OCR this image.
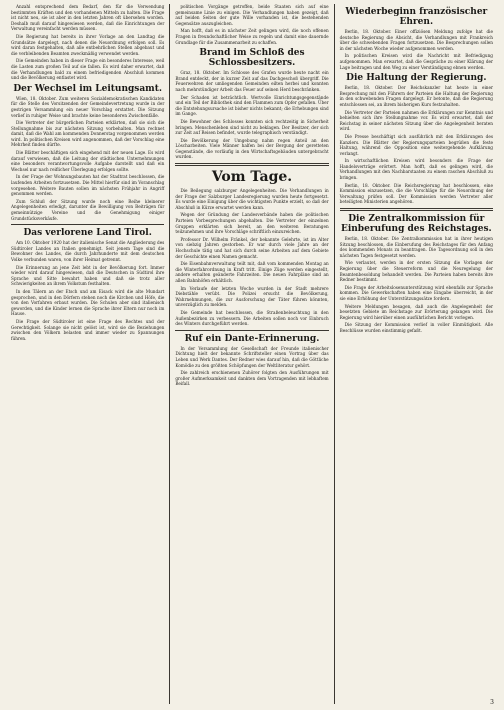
Anzahl entsprechend dem Bedarf, den für die Verwendung bestimmten Kräften und den vorhandenen Mitteln zu halten. Die Frage ist nicht neu, sie ist aber in den letzten Jahren oft übersehen worden. Deshalb muß darauf hingewiesen werden, daß die Einrichtungen der Verwaltung vereinfacht werden müssen.

Die Regierung hat bereits in ihrer Vorlage an den Landtag die Grundsätze dargelegt, nach denen die Neuordnung erfolgen soll. Es wird daran festgehalten, daß alle entbehrlichen Stellen abgebaut und die verbleibenden Beamten zweckmäßig verwendet werden.

Die Gemeinden haben in dieser Frage ein besonderes Interesse, weil die Lasten zum großen Teil auf sie fallen. Es wird daher erwartet, daß die Verhandlungen bald zu einem befriedigenden Abschluß kommen und die Bevölkerung entlastet wird.

Der Wechsel im Leitungsamt.

Wien, 18. Oktober. Zum weiteren Sozialdemokratischen Kandidaten für die Stelle des Vorsitzenden der Gemeindevertretung wurde in der gestrigen Versammlung ein neuer Vorschlag erstattet. Die Sitzung verlief in ruhiger Weise und brachte keine besonderen Zwischenfälle.

Die Vertreter der bürgerlichen Parteien erklärten, daß sie sich die Stellungnahme bis zur nächsten Sitzung vorbehalten. Man rechnet damit, daß die Wahl am kommenden Donnerstag vorgenommen werden wird. In politischen Kreisen wird angenommen, daß der Vorschlag eine Mehrheit finden dürfte.

Die Blätter beschäftigen sich eingehend mit der neuen Lage. Es wird darauf verwiesen, daß die Leitung der städtischen Unternehmungen eine besonders verantwortungsvolle Aufgabe darstellt und daß ein Wechsel nur nach reiflicher Überlegung erfolgen sollte.

In der Frage der Wohnungsbauten hat der Stadtrat beschlossen, die laufenden Arbeiten fortzusetzen. Die Mittel hierfür sind im Voranschlag vorgesehen. Weitere Bauten sollen im nächsten Frühjahr in Angriff genommen werden.

Zum Schluß der Sitzung wurde noch eine Reihe kleinerer Angelegenheiten erledigt, darunter die Bewilligung von Beiträgen für gemeinnützige Vereine und die Genehmigung einiger Grundstücksverkäufe.

Das verlorene Land Tirol.

Am 10. Oktober 1920 hat der italienische Senat die Angliederung des Südtiroler Landes an Italien genehmigt. Seit jenem Tage sind die Bewohner des Landes, die durch Jahrhunderte mit dem deutschen Volke verbunden waren, von ihrer Heimat getrennt.

Die Erinnerung an jene Zeit lebt in der Bevölkerung fort. Immer wieder wird darauf hingewiesen, daß die Deutschen in Südtirol ihre Sprache und Sitte bewahrt haben und daß sie trotz aller Schwierigkeiten an ihrem Volkstum festhalten.

In den Tälern an der Etsch und am Eisack wird die alte Mundart gesprochen, und in den Dörfern stehen noch die Kirchen und Höfe, die von den Vorfahren erbaut wurden. Die Schulen aber sind italienisch geworden, und die Kinder lernen die Sprache ihrer Eltern nur noch im Hause.

Die Frage der Südtiroler ist eine Frage des Rechtes und der Gerechtigkeit. Solange sie nicht gelöst ist, wird sie die Beziehungen zwischen den Völkern belasten und immer wieder zu Spannungen führen.

politischen Vorgänge getroffen, beide Staaten sich auf eine gemeinsame Linie zu einigen. Die Verhandlungen haben gezeigt, daß auf beiden Seiten der gute Wille vorhanden ist, die bestehenden Gegensätze auszugleichen.

Man hofft, daß es in nächster Zeit gelingen wird, die noch offenen Fragen in freundschaftlicher Weise zu regeln und damit eine dauernde Grundlage für die Zusammenarbeit zu schaffen.

Brand im Schloß des Schlossbesitzers.

Graz, 18. Oktober. Im Schlosse des Grafen wurde heute nacht ein Brand entdeckt, der in kurzer Zeit auf das Dachgeschoß übergriff. Die Feuerwehren der umliegenden Gemeinden eilten herbei und konnten nach mehrstündiger Arbeit das Feuer auf seinen Herd beschränken.

Der Schaden ist beträchtlich. Wertvolle Einrichtungsgegenstände und ein Teil der Bibliothek sind den Flammen zum Opfer gefallen. Über die Entstehungsursache ist bisher nichts bekannt; die Erhebungen sind im Gange.

Die Bewohner des Schlosses konnten sich rechtzeitig in Sicherheit bringen. Menschenleben sind nicht zu beklagen. Der Besitzer, der sich zur Zeit auf Reisen befindet, wurde telegraphisch verständigt.

Die Bevölkerung der Umgebung nahm regen Anteil an den Löscharbeiten. Viele Männer halfen bei der Bergung der geretteten Gegenstände, die vorläufig in den Wirtschaftsgebäuden untergebracht wurden.

Vom Tage.

Die Beilegung salzburger Angelegenheiten. Die Verhandlungen in der Frage der Salzburger Landesregierung wurden heute fortgesetzt. Es wurde eine Einigung über die wichtigsten Punkte erzielt, so daß der Abschluß in Kürze erwartet werden kann.

Wegen der Gründung der Landesverbände haben die politischen Parteien Vorbesprechungen abgehalten. Die Vertreter der einzelnen Gruppen erklärten sich bereit, an den weiteren Beratungen teilzunehmen und ihre Vorschläge schriftlich einzureichen.

Professor Dr. Wilhelm Fränkel, der bekannte Gelehrte, ist im Alter von siebzig Jahren gestorben. Er war durch viele Jahre an der Hochschule tätig und hat sich durch seine Arbeiten auf dem Gebiete der Geschichte einen Namen gemacht.

Die Eisenbahnverwaltung teilt mit, daß vom kommenden Montag an die Winterfahrordnung in Kraft tritt. Einige Züge werden eingestellt, andere erhalten geänderte Fahrzeiten. Die neuen Fahrpläne sind an allen Bahnhöfen erhältlich.

Im Verlaufe der letzten Woche wurden in der Stadt mehrere Diebstähle verübt. Die Polizei ersucht die Bevölkerung, Wahrnehmungen, die zur Ausforschung der Täter führen könnten, unverzüglich zu melden.

Die Gemeinde hat beschlossen, die Straßenbeleuchtung in den Außenbezirken zu verbessern. Die Arbeiten sollen noch vor Einbruch des Winters durchgeführt werden.

Ruf ein Dante-Erinnerung.

In der Versammlung der Gesellschaft der Freunde italienischer Dichtung hielt der bekannte Schriftsteller einen Vortrag über das Leben und Werk Dantes. Der Redner wies darauf hin, daß die Göttliche Komödie zu den größten Schöpfungen der Weltliteratur gehört.

Die zahlreich erschienenen Zuhörer folgten den Ausführungen mit großer Aufmerksamkeit und dankten dem Vortragenden mit lebhaftem Beifall.

Wiederbeginn französischer Ehren.

Berlin, 18. Oktober. Einer offiziösen Meldung zufolge hat die deutsche Regierung die Absicht, die Verhandlungen mit Frankreich über die schwebenden Fragen fortzusetzen. Die Besprechungen sollen in der nächsten Woche wieder aufgenommen werden.

In politischen Kreisen wird die Nachricht mit Befriedigung aufgenommen. Man erwartet, daß die Gespräche zu einer Klärung der Lage beitragen und den Weg zu einer Verständigung ebnen werden.

Die Haltung der Regierung.

Berlin, 18. Oktober. Der Reichskanzler hat heute in einer Besprechung mit den Führern der Parteien die Haltung der Regierung in den schwebenden Fragen dargelegt. Er betonte, daß die Regierung entschlossen sei, an ihrem bisherigen Kurs festzuhalten.

Die Vertreter der Parteien nahmen die Erklärungen zur Kenntnis und behielten sich ihre Stellungnahme vor. Es wird erwartet, daß der Reichstag in seiner nächsten Sitzung über die Angelegenheit beraten wird.

Die Presse beschäftigt sich ausführlich mit den Erklärungen des Kanzlers. Die Blätter der Regierungsparteien begrüßen die feste Haltung, während die Opposition eine weitergehende Aufklärung verlangt.

In wirtschaftlichen Kreisen wird besonders die Frage der Handelsverträge erörtert. Man hofft, daß es gelingen wird, die Verhandlungen mit den Nachbarstaaten zu einem raschen Abschluß zu bringen.

Berlin, 18. Oktober. Die Reichsregierung hat beschlossen, eine Kommission einzusetzen, die die Vorschläge für die Neuordnung der Verwaltung prüfen soll. Der Kommission werden Vertreter aller beteiligten Ministerien angehören.

Die Zentralkommission für Einberufung des Reichstages.

Berlin, 18. Oktober. Die Zentralkommission hat in ihrer heutigen Sitzung beschlossen, die Einberufung des Reichstages für den Anfang des kommenden Monats zu beantragen. Die Tagesordnung soll in den nächsten Tagen festgesetzt werden.

Wie verlautet, werden in der ersten Sitzung die Vorlagen der Regierung über die Steuerreform und die Neuregelung der Beamtenbesoldung behandelt werden. Die Parteien haben bereits ihre Redner bestimmt.

Die Frage der Arbeitslosenunterstützung wird ebenfalls zur Sprache kommen. Die Gewerkschaften haben eine Eingabe überreicht, in der sie eine Erhöhung der Unterstützungssätze fordern.

Weitere Meldungen besagen, daß auch die Angelegenheit der besetzten Gebiete im Reichstage zur Erörterung gelangen wird. Die Regierung wird hierüber einen ausführlichen Bericht vorlegen.

Die Sitzung der Kommission verlief in voller Einmütigkeit. Alle Beschlüsse wurden einstimmig gefaßt.

3
